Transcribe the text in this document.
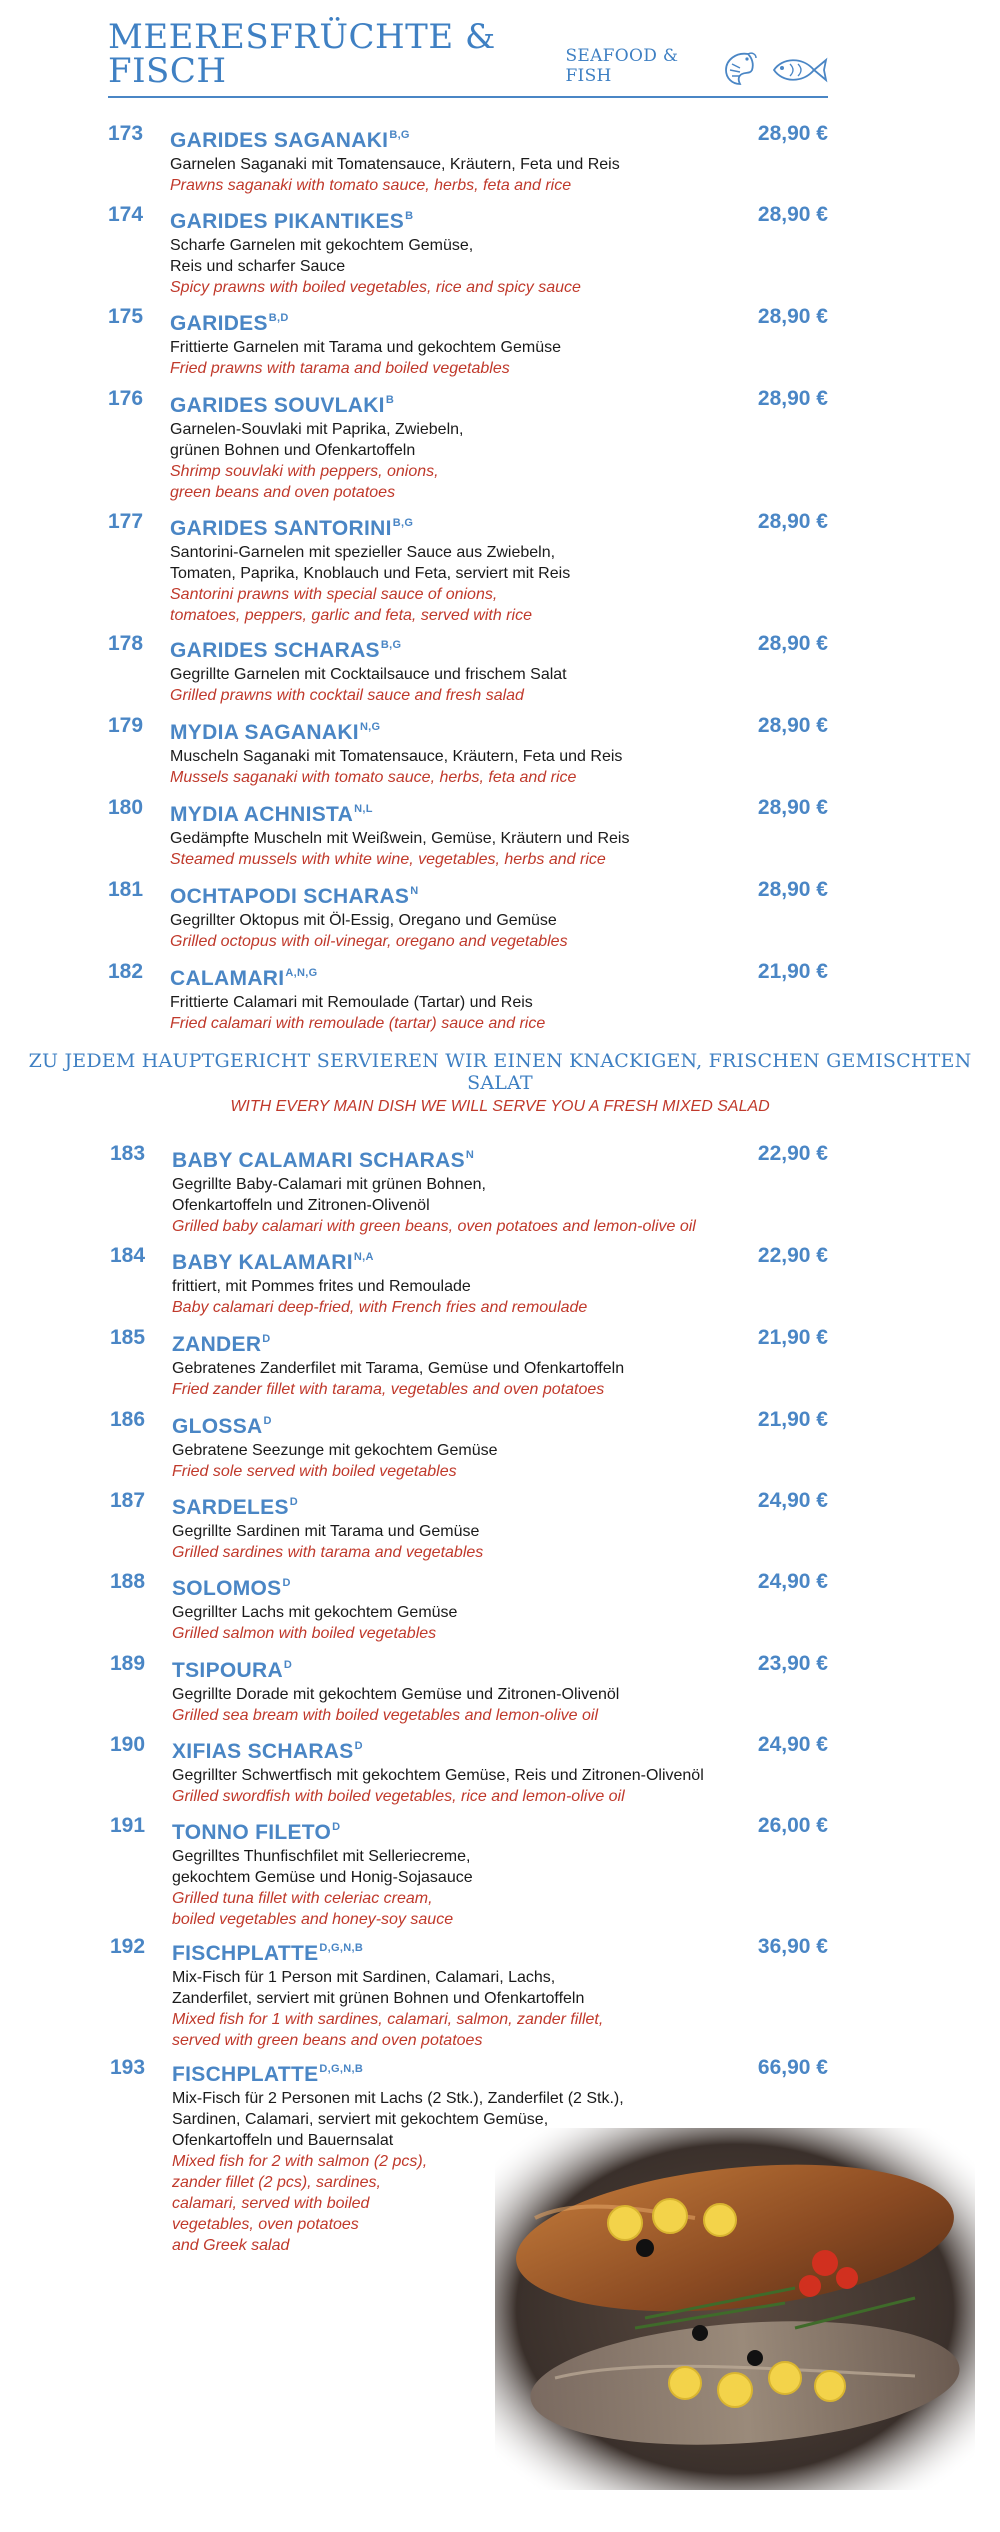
MEERESFRÜCHTE & FISCH	SEAFOOD & FISH
173 GARIDES $SAGANAKI^{B,G}$
Garnelen Saganaki mit Tomatensauce, Kräutern, Feta und Reis
Prawns saganaki with tomato sauce, herbs, feta and rice
28,90 €
174 GARIDES $PIKANTIKES^B$
Scharfe Garnelen mit gekochtem Gemüse,
Reis und scharfer Sauce
Spicy prawns with boiled vegetables, rice and spicy sauce
28,90 €
175 $GARIDES^{B,D}$
Frittierte Garnelen mit Tarama und gekochtem Gemüse
Fried prawns with tarama and boiled vegetables
28,90 €
176 GARIDES $SOUVLAKI^B$
Garnelen-Souvlaki mit Paprika, Zwiebeln,
grünen Bohnen und Ofenkartoffeln
Shrimp souvlaki with peppers, onions,
green beans and oven potatoes
28,90 €
177 GARIDES $SANTORINI^{B,G}$
Santorini-Garnelen mit spezieller Sauce aus Zwiebeln,
Tomaten, Paprika, Knoblauch und Feta, serviert mit Reis
Santorini prawns with special sauce of onions,
tomatoes, peppers, garlic and feta, served with rice
28,90 €
178 GARIDES $SCHARAS^{B,G}$
Gegrillte Garnelen mit Cocktailsauce und frischem Salat
Grilled prawns with cocktail sauce and fresh salad
28,90 €
179 MYDIA $SAGANAKI^{N,G}$
Muscheln Saganaki mit Tomatensauce, Kräutern, Feta und Reis
Mussels saganaki with tomato sauce, herbs, feta and rice
28,90 €
180 MYDIA $ACHNISTA^{N,L}$
Gedämpfte Muscheln mit Weißwein, Gemüse, Kräutern und Reis
Steamed mussels with white wine, vegetables, herbs and rice
28,90 €
181 OCHTAPODI $SCHARAS^N$
Gegrillter Oktopus mit Öl-Essig, Oregano und Gemüse
Grilled octopus with oil-vinegar, oregano and vegetables
28,90 €
182 $CALAMARI^{A,N,G}$
Frittierte Calamari mit Remoulade (Tartar) und Reis
Fried calamari with remoulade (tartar) sauce and rice
21,90 €
ZU JEDEM HAUPTGERICHT SERVIEREN WIR EINEN KNACKIGEN, FRISCHEN GEMISCHTEN SALAT
WITH EVERY MAIN DISH WE WILL SERVE YOU A FRESH MIXED SALAD
183 BABY CALAMARI $SCHARAS^N$
Gegrillte Baby-Calamari mit grünen Bohnen,
Ofenkartoffeln und Zitronen-Olivenöl
Grilled baby calamari with green beans, oven potatoes and lemon-olive oil
22,90 €
184 BABY $KALAMARI^{N,A}$
frittiert, mit Pommes frites und Remoulade
Baby calamari deep-fried, with French fries and remoulade
22,90 €
185 $ZANDER^D$
Gebratenes Zanderfilet mit Tarama, Gemüse und Ofenkartoffeln
Fried zander fillet with tarama, vegetables and oven potatoes
21,90 €
186 $GLOSSA^D$
Gebratene Seezunge mit gekochtem Gemüse
Fried sole served with boiled vegetables
21,90 €
187 $SARDELES^D$
Gegrillte Sardinen mit Tarama und Gemüse
Grilled sardines with tarama and vegetables
24,90 €
188 $SOLOMOS^D$
Gegrillter Lachs mit gekochtem Gemüse
Grilled salmon with boiled vegetables
24,90 €
189 $TSIPOURA^D$
Gegrillte Dorade mit gekochtem Gemüse und Zitronen-Olivenöl
Grilled sea bream with boiled vegetables and lemon-olive oil
23,90 €
190 XIFIAS $SCHARAS^D$
Gegrillter Schwertfisch mit gekochtem Gemüse, Reis und Zitronen-Olivenöl
Grilled swordfish with boiled vegetables, rice and lemon-olive oil
24,90 €
191 TONNO $FILETO^D$
Gegrilltes Thunfischfilet mit Selleriecreme,
gekochtem Gemüse und Honig-Sojasauce
Grilled tuna fillet with celeriac cream,
boiled vegetables and honey-soy sauce
26,00 €
192 $FISCHPLATTE^{D,G,N,B}$
Mix-Fisch für 1 Person mit Sardinen, Calamari, Lachs,
Zanderfilet, serviert mit grünen Bohnen und Ofenkartoffeln
Mixed fish for 1 with sardines, calamari, salmon, zander fillet,
served with green beans and oven potatoes
36,90 €
193 $FISCHPLATTE^{D,G,N,B}$
Mix-Fisch für 2 Personen mit Lachs (2 Stk.), Zanderfilet (2 Stk.),
Sardinen, Calamari, serviert mit gekochtem Gemüse,
Ofenkartoffeln und Bauernsalat
Mixed fish for 2 with salmon (2 pcs),
zander fillet (2 pcs), sardines,
calamari, served with boiled
vegetables, oven potatoes
and Greek salad
66,90 €
